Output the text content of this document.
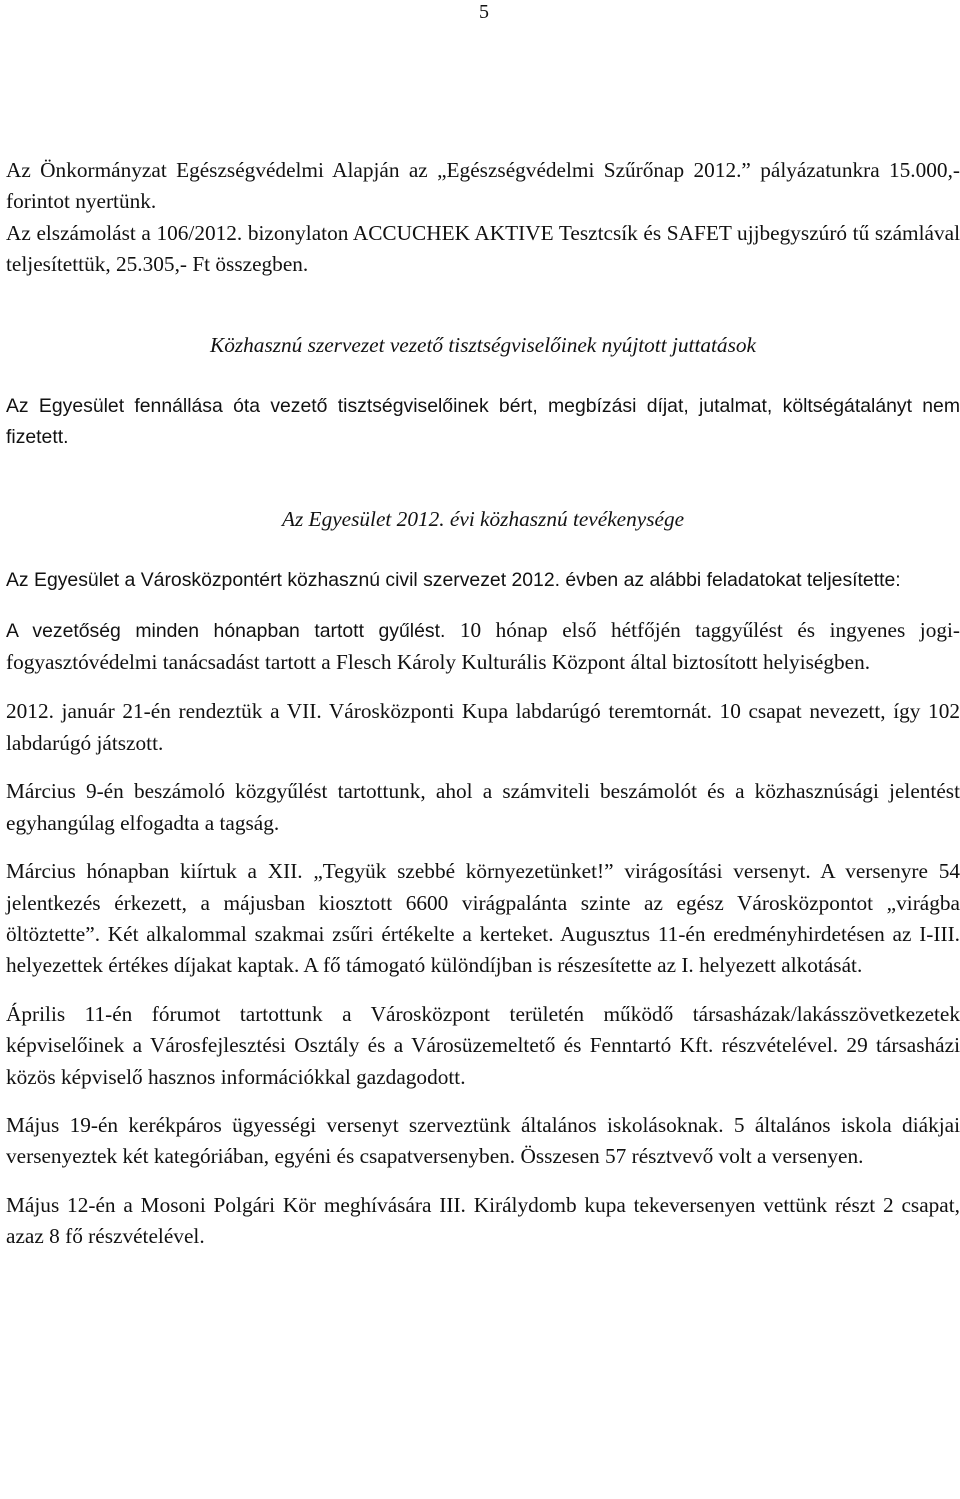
5

Az Önkormányzat Egészségvédelmi Alapján az „Egészségvédelmi Szűrőnap 2012.” pályázatunkra 15.000,- forintot nyertünk.

Az elszámolást a 106/2012. bizonylaton ACCUCHEK AKTIVE Tesztcsík és SAFET ujjbegyszúró tű számlával teljesítettük, 25.305,- Ft összegben.

Közhasznú szervezet vezető tisztségviselőinek nyújtott juttatások

Az Egyesület fennállása óta vezető tisztségviselőinek bért, megbízási díjat, jutalmat, költségátalányt nem fizetett.

Az Egyesület 2012. évi közhasznú tevékenysége

Az Egyesület a Városközpontért közhasznú civil szervezet 2012. évben az alábbi feladatokat teljesítette:

A vezetőség minden hónapban tartott gyűlést. 10 hónap első hétfőjén taggyűlést és ingyenes jogi-fogyasztóvédelmi tanácsadást tartott a Flesch Károly Kulturális Központ által biztosított helyiségben.

2012. január 21-én rendeztük a VII. Városközponti Kupa labdarúgó teremtornát. 10 csapat nevezett, így 102 labdarúgó játszott.

Március 9-én beszámoló közgyűlést tartottunk, ahol a számviteli beszámolót és a közhasznúsági jelentést egyhangúlag elfogadta a tagság.

Március hónapban kiírtuk a XII. „Tegyük szebbé környezetünket!” virágosítási versenyt. A versenyre 54 jelentkezés érkezett, a májusban kiosztott 6600 virágpalánta szinte az egész Városközpontot „virágba öltöztette”. Két alkalommal szakmai zsűri értékelte a kerteket. Augusztus 11-én eredményhirdetésen az I-III. helyezettek értékes díjakat kaptak. A fő támogató különdíjban is részesítette az I. helyezett alkotását.

Április 11-én fórumot tartottunk a Városközpont területén működő társasházak/lakásszövetkezetek képviselőinek a Városfejlesztési Osztály és a Városüzemeltető és Fenntartó Kft. részvételével. 29 társasházi közös képviselő hasznos információkkal gazdagodott.

Május 19-én kerékpáros ügyességi versenyt szerveztünk általános iskolásoknak. 5 általános iskola diákjai versenyeztek két kategóriában, egyéni és csapatversenyben. Összesen 57 résztvevő volt a versenyen.

Május 12-én a Mosoni Polgári Kör meghívására III. Királydomb kupa tekeversenyen vettünk részt 2 csapat, azaz 8 fő részvételével.
